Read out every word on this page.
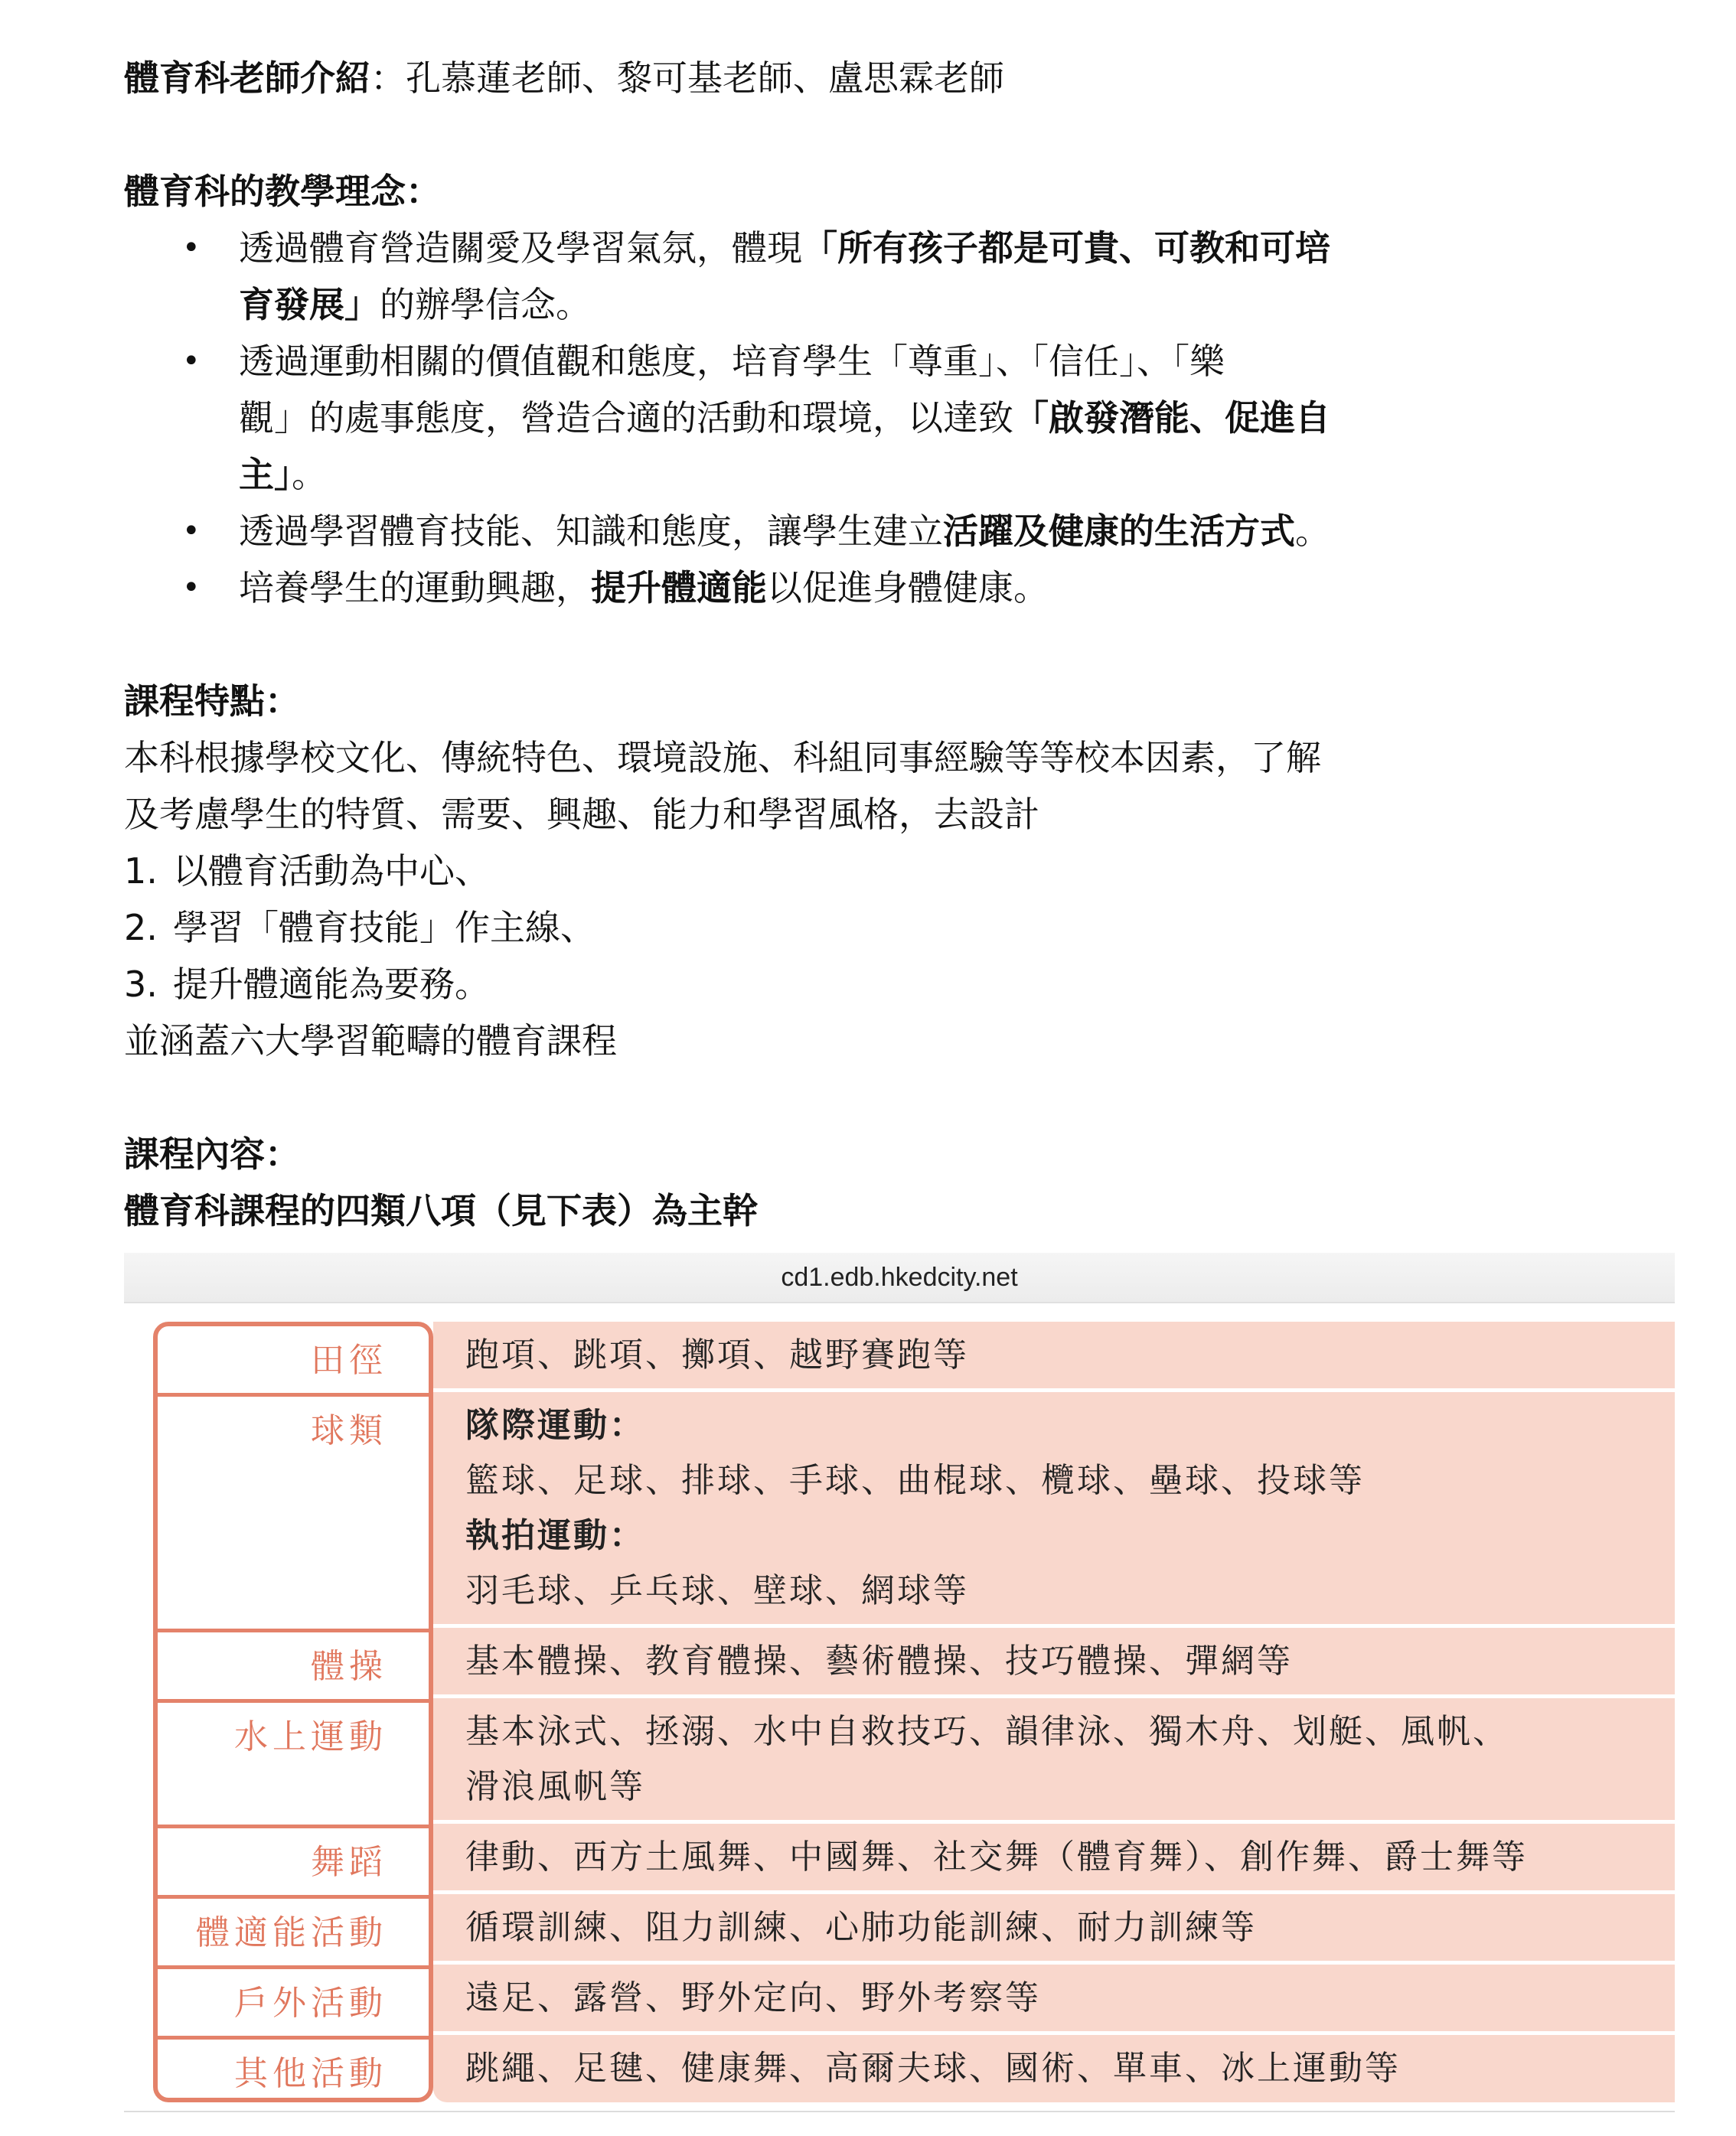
體育科老師介紹：孔慕蓮老師、黎可基老師、盧思霖老師
體育科的教學理念：
• 透過體育營造關愛及學習氣氛，體現「所有孩子都是可貴、可教和可培
育發展」的辦學信念。
• 透過運動相關的價值觀和態度，培育學生「尊重」、「信任」、「樂
觀」的處事態度，營造合適的活動和環境，以達致「啟發潛能、促進自
主」。
• 透過學習體育技能、知識和態度，讓學生建立活躍及健康的生活方式。
• 培養學生的運動興趣，提升體適能以促進身體健康。
課程特點：
本科根據學校文化、傳統特色、環境設施、科組同事經驗等等校本因素，了解
及考慮學生的特質、需要、興趣、能力和學習風格，去設計
1. 以體育活動為中心、
2. 學習「體育技能」作主線、
3. 提升體適能為要務。
並涵蓋六大學習範疇的體育課程
課程內容：
體育科課程的四類八項（見下表）為主幹
cd1.edb.hkedcity.net
田徑
球類
體操
水上運動
舞蹈
體適能活動
戶外活動
其他活動
跑項、跳項、擲項、越野賽跑等
隊際運動：
籃球、足球、排球、手球、曲棍球、欖球、壘球、投球等
執拍運動：
羽毛球、乒乓球、壁球、網球等
基本體操、教育體操、藝術體操、技巧體操、彈網等
基本泳式、拯溺、水中自救技巧、韻律泳、獨木舟、划艇、風帆、
滑浪風帆等
律動、西方土風舞、中國舞、社交舞（體育舞）、創作舞、爵士舞等
循環訓練、阻力訓練、心肺功能訓練、耐力訓練等
遠足、露營、野外定向、野外考察等
跳繩、足毽、健康舞、高爾夫球、國術、單車、冰上運動等
